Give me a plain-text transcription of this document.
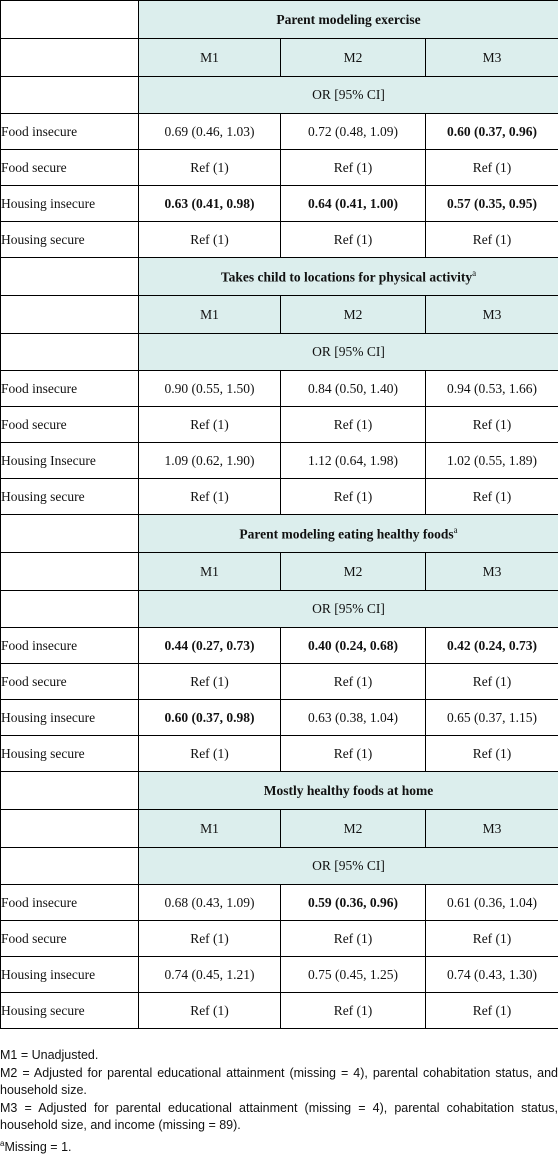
	Parent modeling exercise		
	M1	M2	M3
	OR [95% CI]		
Food insecure	0.69 (0.46, 1.03)	0.72 (0.48, 1.09)	0.60 (0.37, 0.96)
Food secure	Ref (1)	Ref (1)	Ref (1)
Housing insecure	0.63 (0.41, 0.98)	0.64 (0.41, 1.00)	0.57 (0.35, 0.95)
Housing secure	Ref (1)	Ref (1)	Ref (1)
	Takes child to locations for physical activity$^a$
	M1	M2	M3
	OR [95% CI]		
Food insecure	0.90 (0.55, 1.50)	0.84 (0.50, 1.40)	0.94 (0.53, 1.66)
Food secure	Ref (1)	Ref (1)	Ref (1)
Housing Insecure	1.09 (0.62, 1.90)	1.12 (0.64, 1.98)	1.02 (0.55, 1.89)
Housing secure	Ref (1)	Ref (1)	Ref (1)
	Parent modeling eating healthy foods$^a$
	M1	M2	M3
	OR [95% CI]		
Food insecure	0.44 (0.27, 0.73)	0.40 (0.24, 0.68)	0.42 (0.24, 0.73)
Food secure	Ref (1)	Ref (1)	Ref (1)
Housing insecure	0.60 (0.37, 0.98)	0.63 (0.38, 1.04)	0.65 (0.37, 1.15)
Housing secure	Ref (1)	Ref (1)	Ref (1)
	Mostly healthy foods at home		
	M1	M2	M3
	OR [95% CI]		
Food insecure	0.68 (0.43, 1.09)	0.59 (0.36, 0.96)	0.61 (0.36, 1.04)
Food secure	Ref (1)	Ref (1)	Ref (1)
Housing insecure	0.74 (0.45, 1.21)	0.75 (0.45, 1.25)	0.74 (0.43, 1.30)
Housing secure	Ref (1)	Ref (1)	Ref (1)

M1 = Unadjusted.

M2 = Adjusted for parental educational attainment (missing = 4), parental cohabitation status, and household size.

M3 = Adjusted for parental educational attainment (missing = 4), parental cohabitation status, household size, and income (missing = 89).

$^a$Missing = 1.
